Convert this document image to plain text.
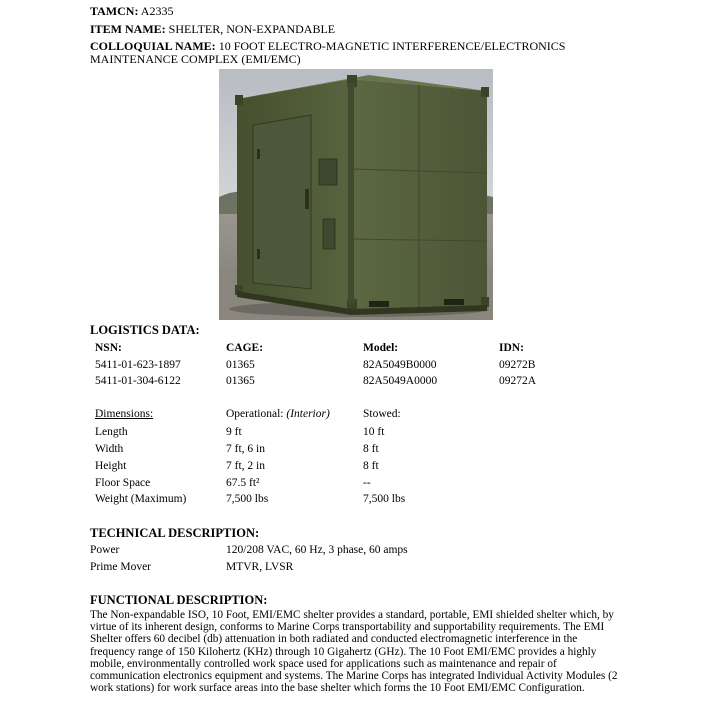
TAMCN: A2335
ITEM NAME: SHELTER, NON-EXPANDABLE
COLLOQUIAL NAME: 10 FOOT ELECTRO-MAGNETIC INTERFERENCE/ELECTRONICS
MAINTENANCE COMPLEX (EMI/EMC)
LOGISTICS DATA:
NSN:	CAGE:	Model:	IDN:
5411-01-623-1897	01365	82A5049B0000	09272B
5411-01-304-6122	01365	82A5049A0000	09272A
Dimensions:	Operational: (Interior)	Stowed:
Length	9 ft	10 ft
Width	7 ft, 6 in	8 ft
Height	7 ft, 2 in	8 ft
Floor Space	67.5 ft²	--
Weight (Maximum)	7,500 lbs	7,500 lbs
TECHNICAL DESCRIPTION:
Power	120/208 VAC, 60 Hz, 3 phase, 60 amps
Prime Mover	MTVR, LVSR
FUNCTIONAL DESCRIPTION:
The Non-expandable ISO, 10 Foot, EMI/EMC shelter provides a standard, portable, EMI shielded shelter which, by virtue of its inherent design, conforms to Marine Corps transportability and supportability requirements. The EMI Shelter offers 60 decibel (db) attenuation in both radiated and conducted electromagnetic interference in the frequency range of 150 Kilohertz (KHz) through 10 Gigahertz (GHz). The 10 Foot EMI/EMC provides a highly mobile, environmentally controlled work space used for applications such as maintenance and repair of communication electronics equipment and systems. The Marine Corps has integrated Individual Activity Modules (2 work stations) for work surface areas into the base shelter which forms the 10 Foot EMI/EMC Configuration.
